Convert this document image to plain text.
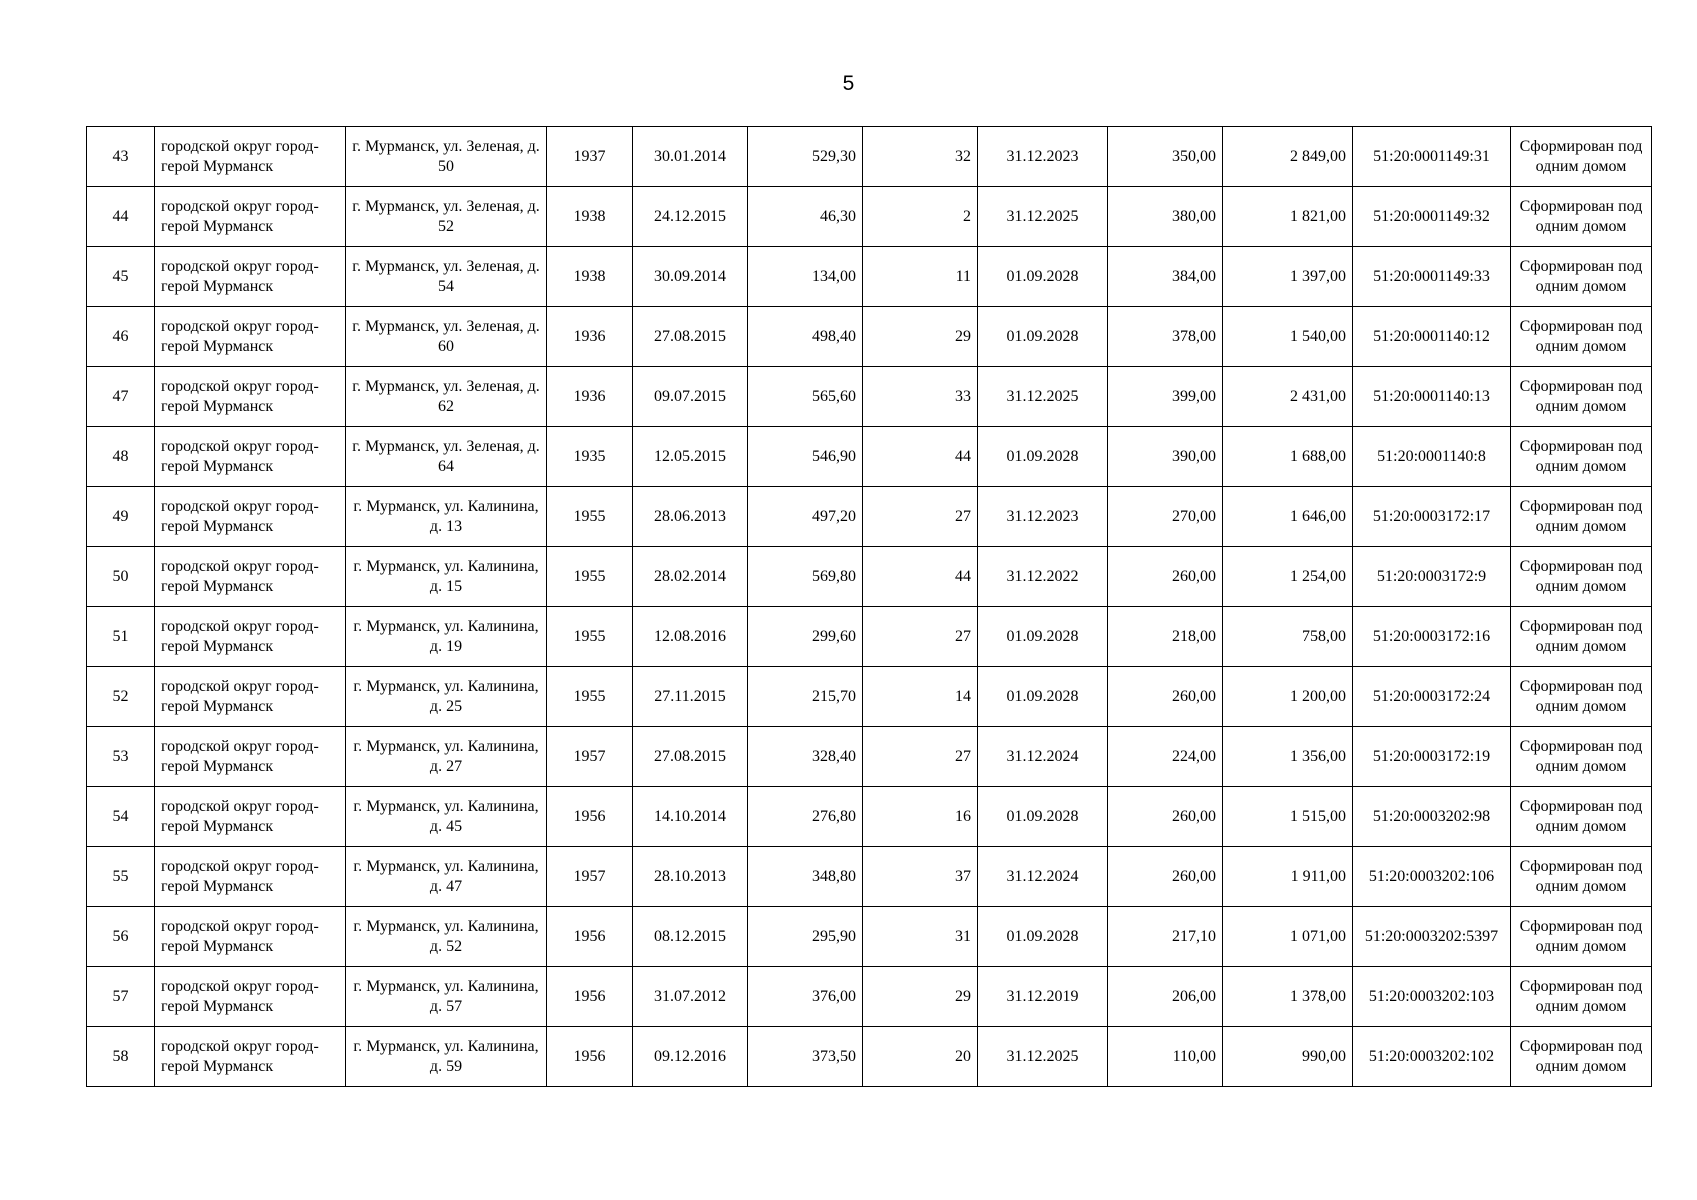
5
43	городской округ город-герой Мурманск	г. Мурманск, ул. Зеленая, д. 50	1937	30.01.2014	529,30	32	31.12.2023	350,00	2 849,00	51:20:0001149:31	Сформирован под одним домом
44	городской округ город-герой Мурманск	г. Мурманск, ул. Зеленая, д. 52	1938	24.12.2015	46,30	2	31.12.2025	380,00	1 821,00	51:20:0001149:32	Сформирован под одним домом
45	городской округ город-герой Мурманск	г. Мурманск, ул. Зеленая, д. 54	1938	30.09.2014	134,00	11	01.09.2028	384,00	1 397,00	51:20:0001149:33	Сформирован под одним домом
46	городской округ город-герой Мурманск	г. Мурманск, ул. Зеленая, д. 60	1936	27.08.2015	498,40	29	01.09.2028	378,00	1 540,00	51:20:0001140:12	Сформирован под одним домом
47	городской округ город-герой Мурманск	г. Мурманск, ул. Зеленая, д. 62	1936	09.07.2015	565,60	33	31.12.2025	399,00	2 431,00	51:20:0001140:13	Сформирован под одним домом
48	городской округ город-герой Мурманск	г. Мурманск, ул. Зеленая, д. 64	1935	12.05.2015	546,90	44	01.09.2028	390,00	1 688,00	51:20:0001140:8	Сформирован под одним домом
49	городской округ город-герой Мурманск	г. Мурманск, ул. Калинина, д. 13	1955	28.06.2013	497,20	27	31.12.2023	270,00	1 646,00	51:20:0003172:17	Сформирован под одним домом
50	городской округ город-герой Мурманск	г. Мурманск, ул. Калинина, д. 15	1955	28.02.2014	569,80	44	31.12.2022	260,00	1 254,00	51:20:0003172:9	Сформирован под одним домом
51	городской округ город-герой Мурманск	г. Мурманск, ул. Калинина, д. 19	1955	12.08.2016	299,60	27	01.09.2028	218,00	758,00	51:20:0003172:16	Сформирован под одним домом
52	городской округ город-герой Мурманск	г. Мурманск, ул. Калинина, д. 25	1955	27.11.2015	215,70	14	01.09.2028	260,00	1 200,00	51:20:0003172:24	Сформирован под одним домом
53	городской округ город-герой Мурманск	г. Мурманск, ул. Калинина, д. 27	1957	27.08.2015	328,40	27	31.12.2024	224,00	1 356,00	51:20:0003172:19	Сформирован под одним домом
54	городской округ город-герой Мурманск	г. Мурманск, ул. Калинина, д. 45	1956	14.10.2014	276,80	16	01.09.2028	260,00	1 515,00	51:20:0003202:98	Сформирован под одним домом
55	городской округ город-герой Мурманск	г. Мурманск, ул. Калинина, д. 47	1957	28.10.2013	348,80	37	31.12.2024	260,00	1 911,00	51:20:0003202:106	Сформирован под одним домом
56	городской округ город-герой Мурманск	г. Мурманск, ул. Калинина, д. 52	1956	08.12.2015	295,90	31	01.09.2028	217,10	1 071,00	51:20:0003202:5397	Сформирован под одним домом
57	городской округ город-герой Мурманск	г. Мурманск, ул. Калинина, д. 57	1956	31.07.2012	376,00	29	31.12.2019	206,00	1 378,00	51:20:0003202:103	Сформирован под одним домом
58	городской округ город-герой Мурманск	г. Мурманск, ул. Калинина, д. 59	1956	09.12.2016	373,50	20	31.12.2025	110,00	990,00	51:20:0003202:102	Сформирован под одним домом
